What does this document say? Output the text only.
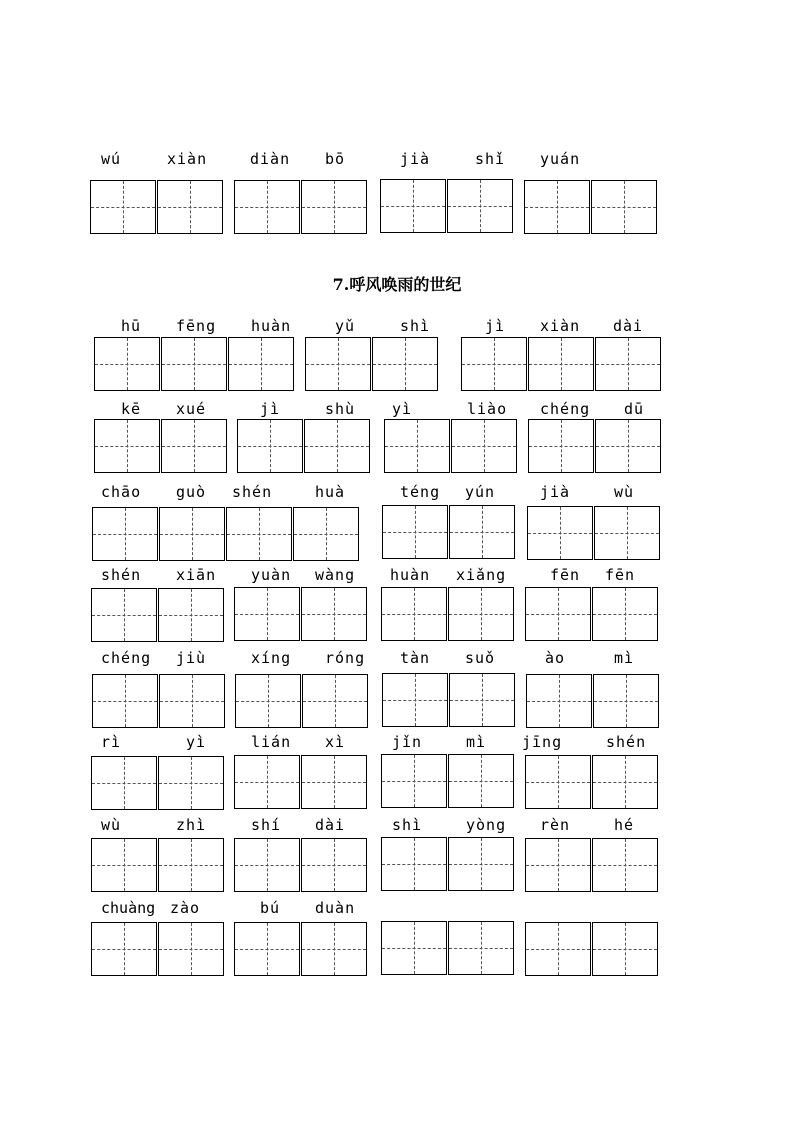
7.呼风唤雨的世纪
wú	xiàn	diàn bō	jià	shǐ yuán
hū fēng huàn	yǔ	shì	jì xiàn dài
kē xué	jì	shù yì	liào chéng dū
chāo guò shén	huà	téng yún	jià	wù
shén xiān yuàn wàng huàn xiǎng	fēn fēn
chéng jiù	xíng róng tàn suǒ	ào	mì
rì	yì	lián xì	jǐn	mì jīng	shén
wù	zhì	shí dài	shì	yòng rèn	hé
chuàng zào	bú duàn
